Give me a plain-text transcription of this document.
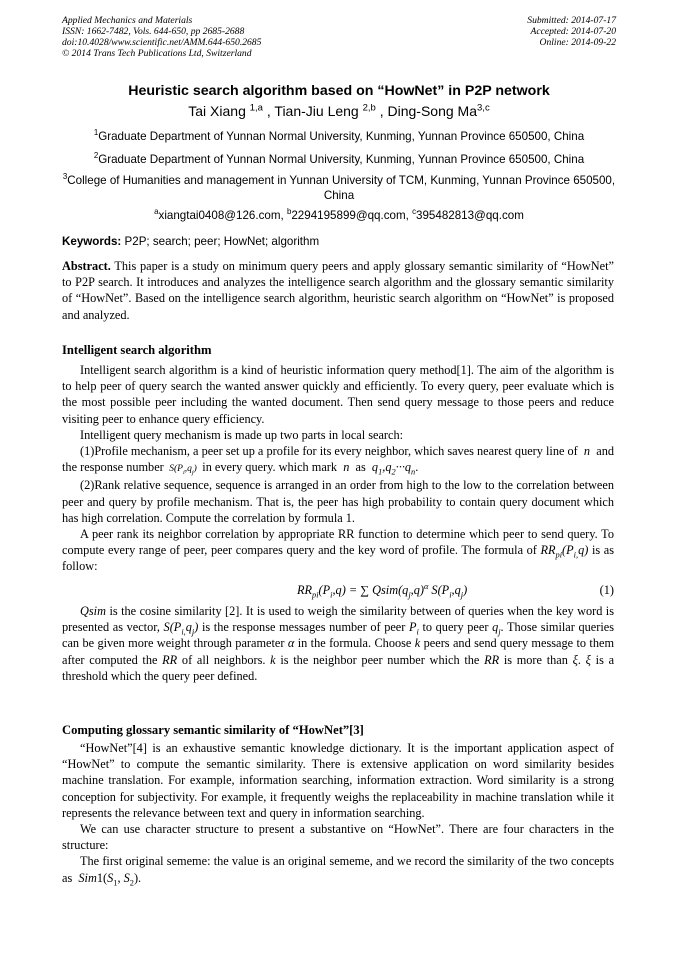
Applied Mechanics and Materials
ISSN: 1662-7482, Vols. 644-650, pp 2685-2688
doi:10.4028/www.scientific.net/AMM.644-650.2685
© 2014 Trans Tech Publications Ltd, Switzerland
Submitted: 2014-07-17
Accepted: 2014-07-20
Online: 2014-09-22
Heuristic search algorithm based on “HowNet” in P2P network
Tai Xiang $^{1,a}$ , Tian-Jiu Leng $^{2,b}$ , Ding-Song Ma$^{3,c}$
$^1$Graduate Department of Yunnan Normal University, Kunming, Yunnan Province 650500, China
$^2$Graduate Department of Yunnan Normal University, Kunming, Yunnan Province 650500, China
$^3$College of Humanities and management in Yunnan University of TCM, Kunming, Yunnan Province 650500, China
$^a$xiangtai0408@126.com, $^b$2294195899@qq.com, $^c$395482813@qq.com
Keywords: P2P; search; peer; HowNet; algorithm

Abstract. This paper is a study on minimum query peers and apply glossary semantic similarity of “HowNet” to P2P search. It introduces and analyzes the intelligence search algorithm and the glossary semantic similarity of “HowNet”. Based on the intelligence search algorithm, heuristic search algorithm on “HowNet” is proposed and analyzed.

Intelligent search algorithm

Intelligent search algorithm is a kind of heuristic information query method[1]. The aim of the algorithm is to help peer of query search the wanted answer quickly and efficiently. To every query, peer evaluate which is the most possible peer including the wanted document. Then send query message to those peers and reduce visiting peer to enhance query efficiency.

Intelligent query mechanism is made up two parts in local search:

(1)Profile mechanism, a peer set up a profile for its every neighbor, which saves nearest query line of  n  and the response number  $S(P_i,q_j)$  in every query. which mark  n  as  $q_1,q_2\cdot\cdot\cdot q_n$.

(2)Rank relative sequence, sequence is arranged in an order from high to the low to the correlation between peer and query by profile mechanism. That is, the peer has high probability to contain query document which has high correlation. Compute the correlation by formula 1.

A peer rank its neighbor correlation by appropriate RR function to determine which peer to send query. To compute every range of peer, peer compares query and the key word of profile. The formula of $RR_{pi}(P_{i,}q)$ is as follow:

$RR_{pi}(P_i,q)$ = ∑ $Qsim(q_j,q)^\alpha$ $S(P_i,q_j)$	(1)

Qsim is the cosine similarity [2]. It is used to weigh the similarity between of queries when the key word is presented as vector, $S(P_{i,}q_j)$ is the response messages number of peer $P_i$ to query peer $q_j$. Those similar queries can be given more weight through parameter α in the formula. Choose k peers and send query message to them after computed the RR of all neighbors. k is the neighbor peer number which the RR is more than ξ. ξ is a threshold which the query peer defined.

Computing glossary semantic similarity of “HowNet”[3]

“HowNet”[4] is an exhaustive semantic knowledge dictionary. It is the important application aspect of “HowNet” to compute the semantic similarity. There is extensive application on word similarity besides machine translation. For example, information searching, information extraction. Word similarity is a strong conception for subjectivity. For example, it frequently weighs the replaceability in machine translation while it represents the relevance between text and query in information searching.

We can use character structure to present a substantive on “HowNet”. There are four characters in the structure:

The first original sememe: the value is an original sememe, and we record the similarity of the two concepts as  $Sim1(S_1$, $S_2$).
